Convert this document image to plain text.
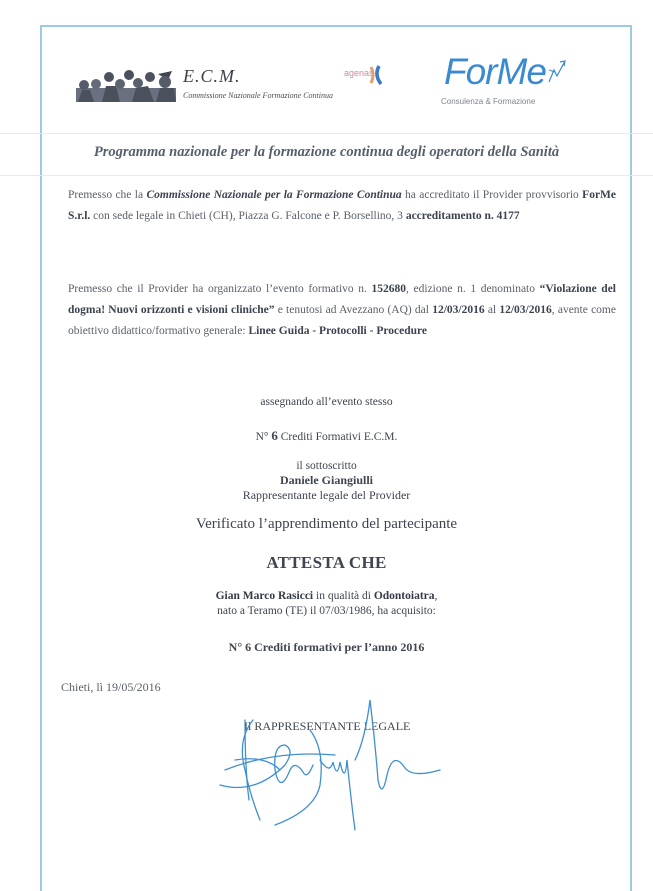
E.C.M.
Commissione Nazionale Formazione Continua
agenas ForMe
Consulenza & Formazione
Programma nazionale per la formazione continua degli operatori della Sanità
Premesso che la Commissione Nazionale per la Formazione Continua ha accreditato il Provider provvisorio ForMe S.r.l. con sede legale in Chieti (CH), Piazza G. Falcone e P. Borsellino, 3 accreditamento n. 4177
Premesso che il Provider ha organizzato l’evento formativo n. 152680, edizione n. 1 denominato “Violazione del dogma! Nuovi orizzonti e visioni cliniche” e tenutosi ad Avezzano (AQ) dal 12/03/2016 al 12/03/2016, avente come obiettivo didattico/formativo generale: Linee Guida - Protocolli - Procedure
assegnando all’evento stesso
N° 6 Crediti Formativi E.C.M.
il sottoscritto
Daniele Giangiulli
Rappresentante legale del Provider
Verificato l’apprendimento del partecipante
ATTESTA CHE
Gian Marco Rasicci in qualità di Odontoiatra,
nato a Teramo (TE) il 07/03/1986, ha acquisito:
N° 6 Crediti formativi per l’anno 2016
Chieti, lì 19/05/2016
Il RAPPRESENTANTE LEGALE
